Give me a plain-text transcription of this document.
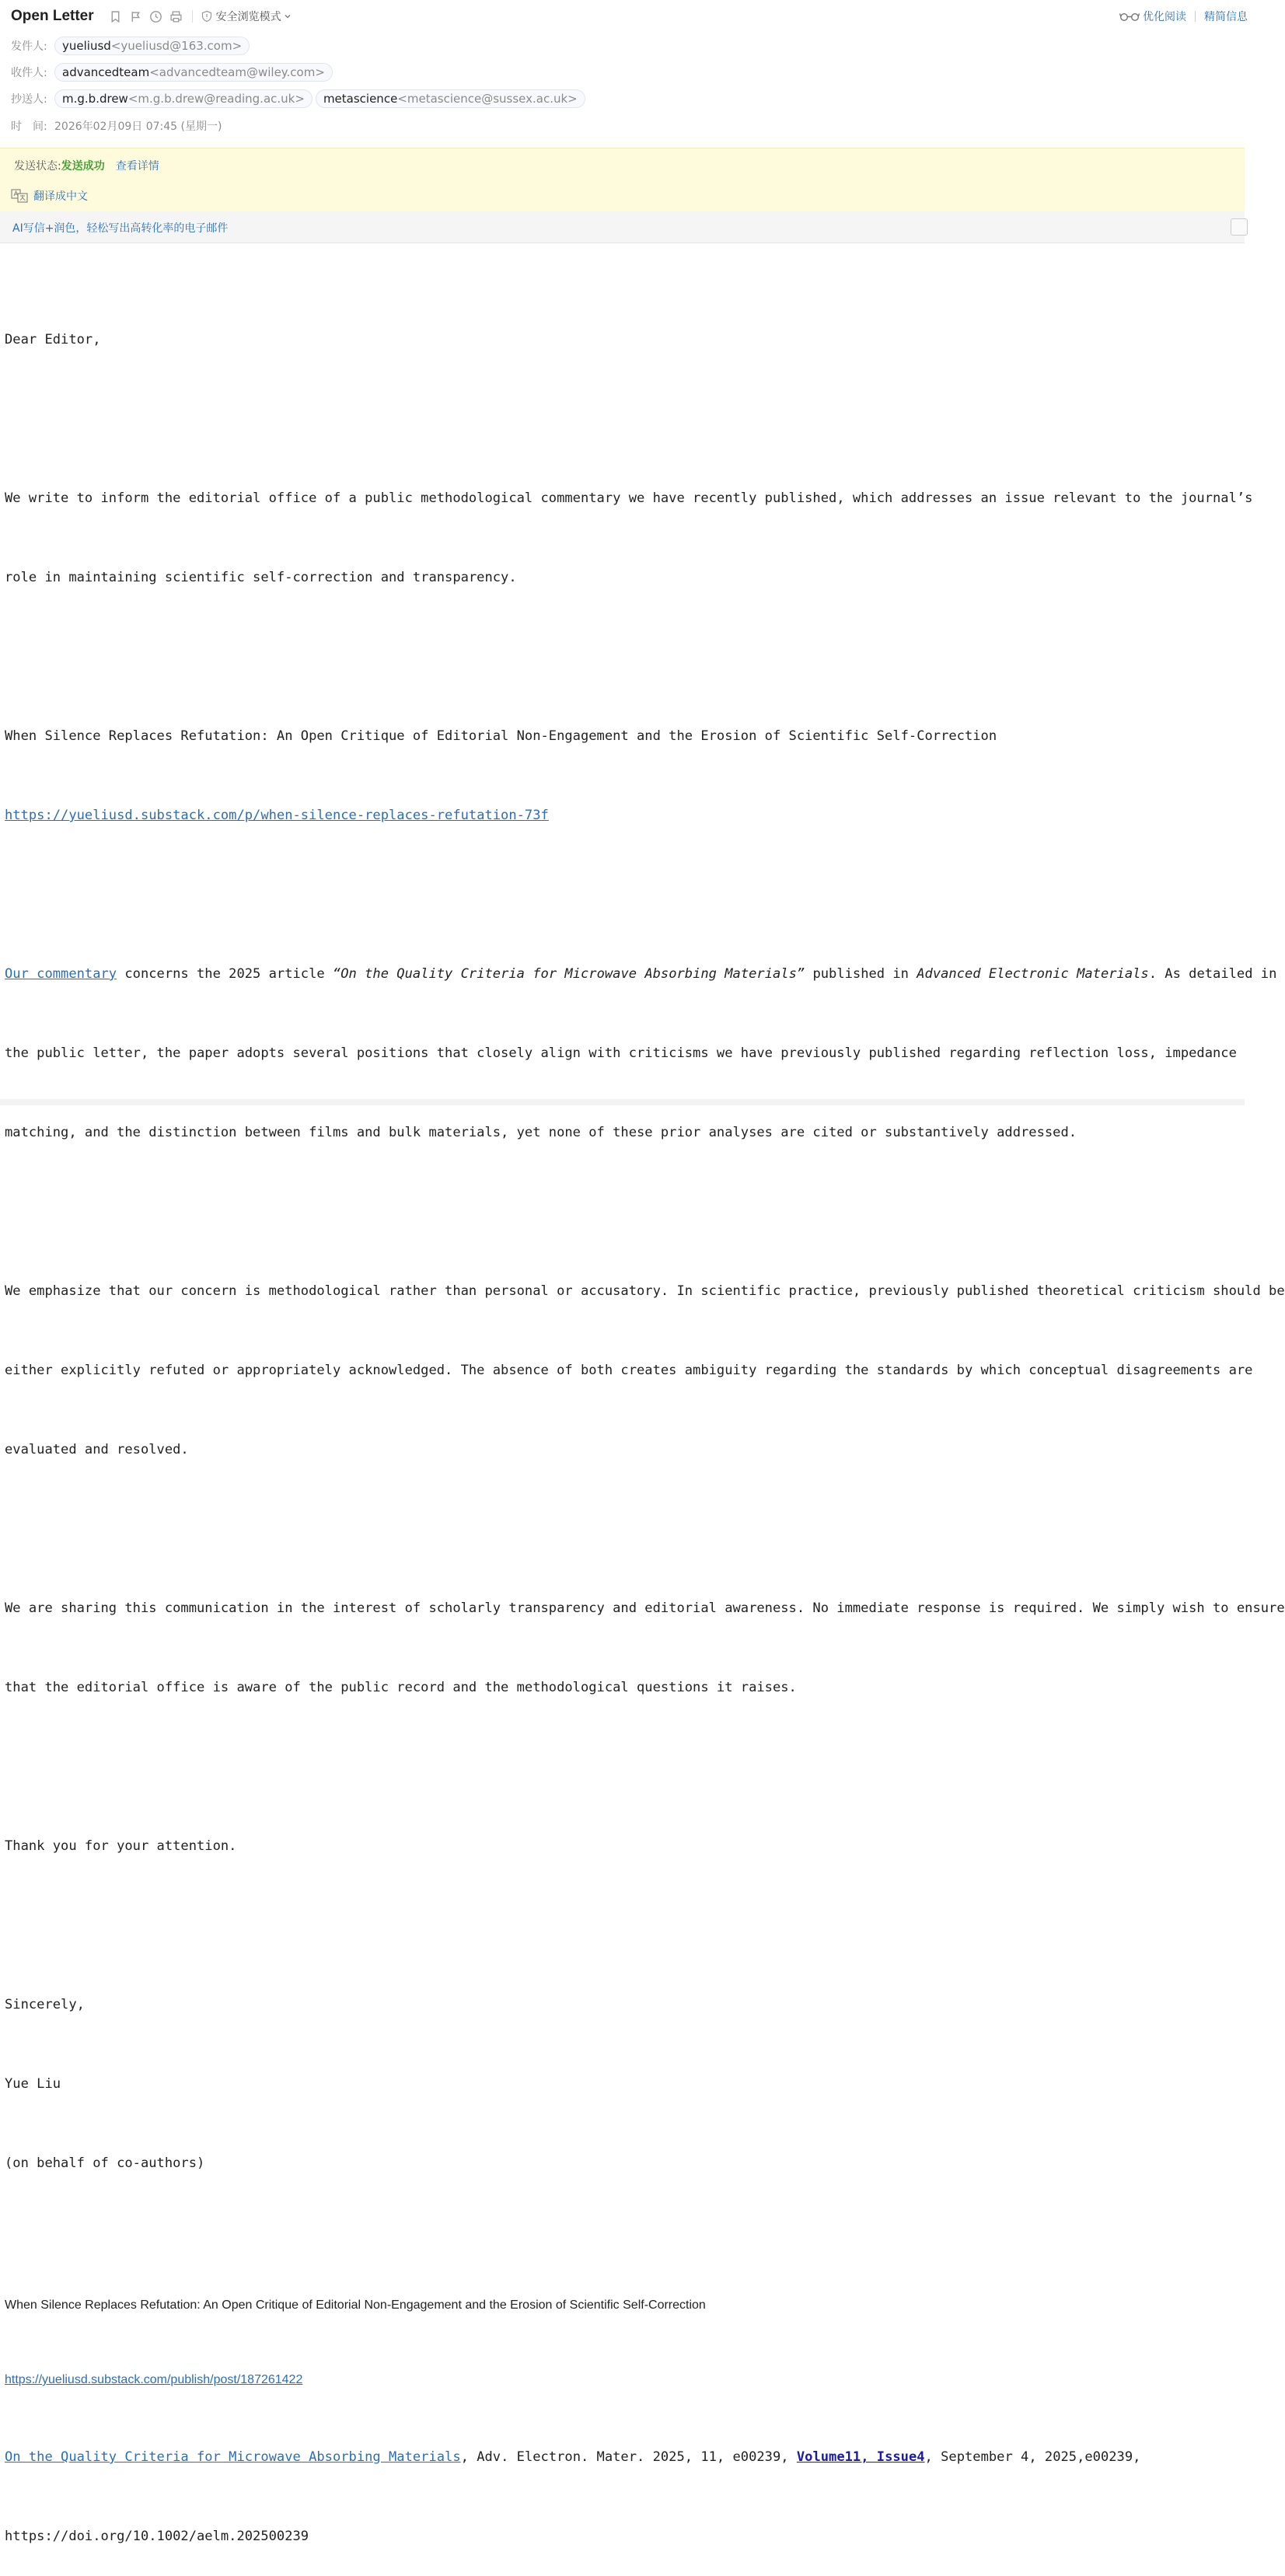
Open Letter	安全浏览模式	优化阅读 精简信息
发件人:	yueliusd <yueliusd@163.com>
收件人:	advancedteam <advancedteam@wiley.com>
抄送人:	m.g.b.drew <m.g.b.drew@reading.ac.uk> metascience <metascience@sussex.ac.uk>
时　间: 2026年02月09日 07:45 (星期一)
发送状态: 发送成功 查看详情
翻译成中文
AI写信+润色，轻松写出高转化率的电子邮件

Dear Editor,

We write to inform the editorial office of a public methodological commentary we have recently published, which addresses an issue relevant to the journal’s

role in maintaining scientific self-correction and transparency.

When Silence Replaces Refutation: An Open Critique of Editorial Non-Engagement and the Erosion of Scientific Self-Correction

https://yueliusd.substack.com/p/when-silence-replaces-refutation-73f

Our commentary concerns the 2025 article “On the Quality Criteria for Microwave Absorbing Materials” published in Advanced Electronic Materials. As detailed in

the public letter, the paper adopts several positions that closely align with criticisms we have previously published regarding reflection loss, impedance

matching, and the distinction between films and bulk materials, yet none of these prior analyses are cited or substantively addressed.

We emphasize that our concern is methodological rather than personal or accusatory. In scientific practice, previously published theoretical criticism should be

either explicitly refuted or appropriately acknowledged. The absence of both creates ambiguity regarding the standards by which conceptual disagreements are

evaluated and resolved.

We are sharing this communication in the interest of scholarly transparency and editorial awareness. No immediate response is required. We simply wish to ensure

that the editorial office is aware of the public record and the methodological questions it raises.

Thank you for your attention.

Sincerely,

Yue Liu

(on behalf of co-authors)

When Silence Replaces Refutation: An Open Critique of Editorial Non-Engagement and the Erosion of Scientific Self-Correction

https://yueliusd.substack.com/publish/post/187261422

On the Quality Criteria for Microwave Absorbing Materials, Adv. Electron. Mater. 2025, 11, e00239, Volume11, Issue4, September 4, 2025,e00239,

https://doi.org/10.1002/aelm.202500239
